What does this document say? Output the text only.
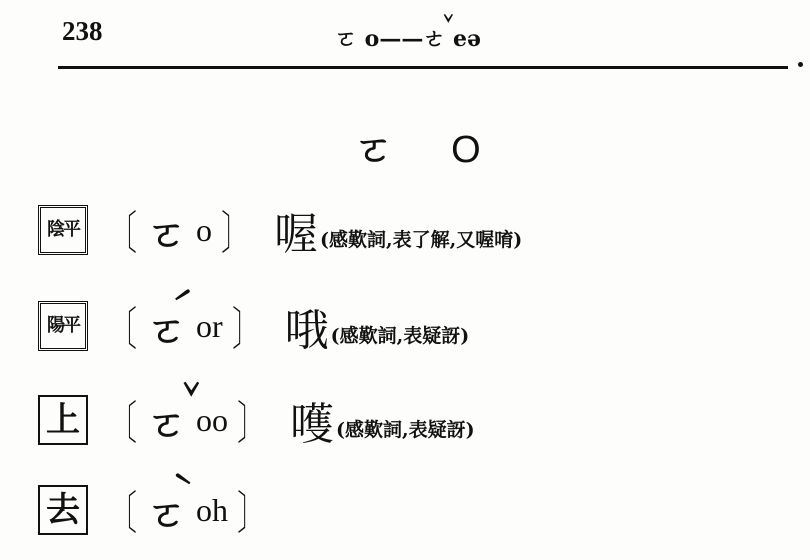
238	ㄛ o——ㄜ̌ eə
ㄛ O
陰平 〔 ㄛ o 〕 喔 (感歎詞,表了解,又喔唷)
陽平 〔 ㄛ́ or 〕 哦 (感歎詞,表疑訝)
上 〔 ㄛ̌ oo 〕 嚄 (感歎詞,表疑訝)
去 〔 ㄛ̀ oh 〕
